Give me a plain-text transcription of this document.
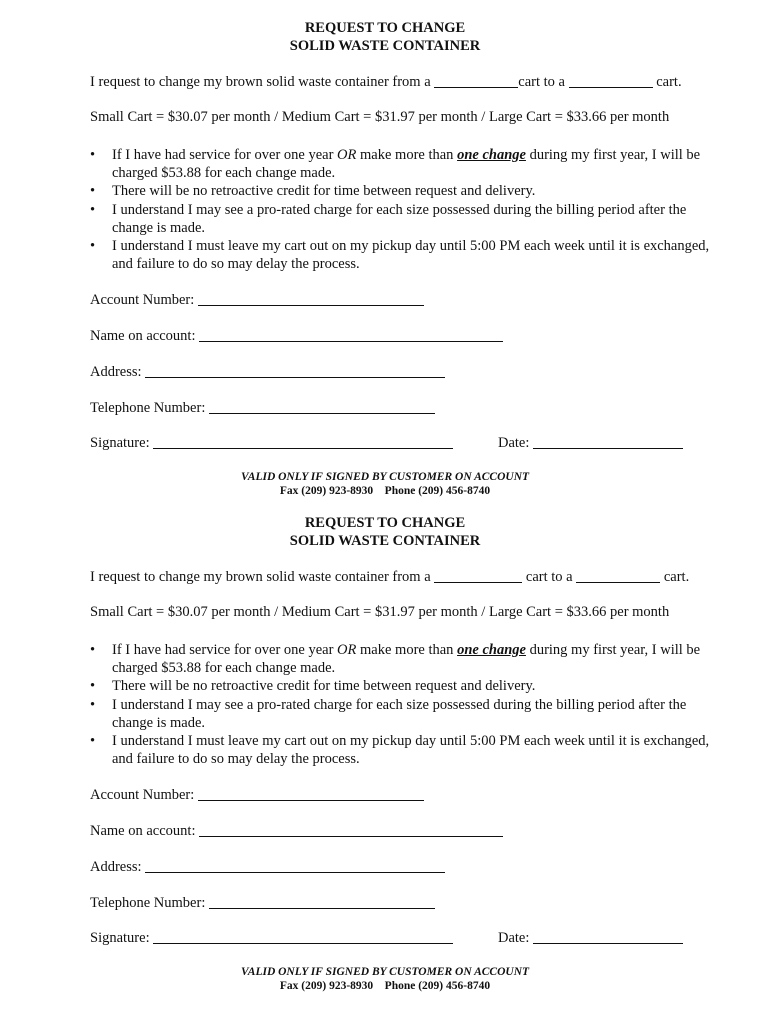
REQUEST TO CHANGE
SOLID WASTE CONTAINER
I request to change my brown solid waste container from a	cart to a	cart.
Small Cart = $30.07 per month / Medium Cart = $31.97 per month / Large Cart = $33.66 per month
• If I have had service for over one year OR make more than one change during my first year, I will be charged $53.88 for each change made.
• There will be no retroactive credit for time between request and delivery.
• I understand I may see a pro-rated charge for each size possessed during the billing period after the change is made.
• I understand I must leave my cart out on my pickup day until 5:00 PM each week until it is exchanged, and failure to do so may delay the process.
Account Number:
Name on account:
Address:
Telephone Number:
Signature:	Date:
VALID ONLY IF SIGNED BY CUSTOMER ON ACCOUNT
Fax (209) 923-8930 Phone (209) 456-8740
REQUEST TO CHANGE
SOLID WASTE CONTAINER
I request to change my brown solid waste container from a	cart to a	cart.
Small Cart = $30.07 per month / Medium Cart = $31.97 per month / Large Cart = $33.66 per month
• If I have had service for over one year OR make more than one change during my first year, I will be charged $53.88 for each change made.
• There will be no retroactive credit for time between request and delivery.
• I understand I may see a pro-rated charge for each size possessed during the billing period after the change is made.
• I understand I must leave my cart out on my pickup day until 5:00 PM each week until it is exchanged, and failure to do so may delay the process.
Account Number:
Name on account:
Address:
Telephone Number:
Signature:	Date:
VALID ONLY IF SIGNED BY CUSTOMER ON ACCOUNT
Fax (209) 923-8930 Phone (209) 456-8740
